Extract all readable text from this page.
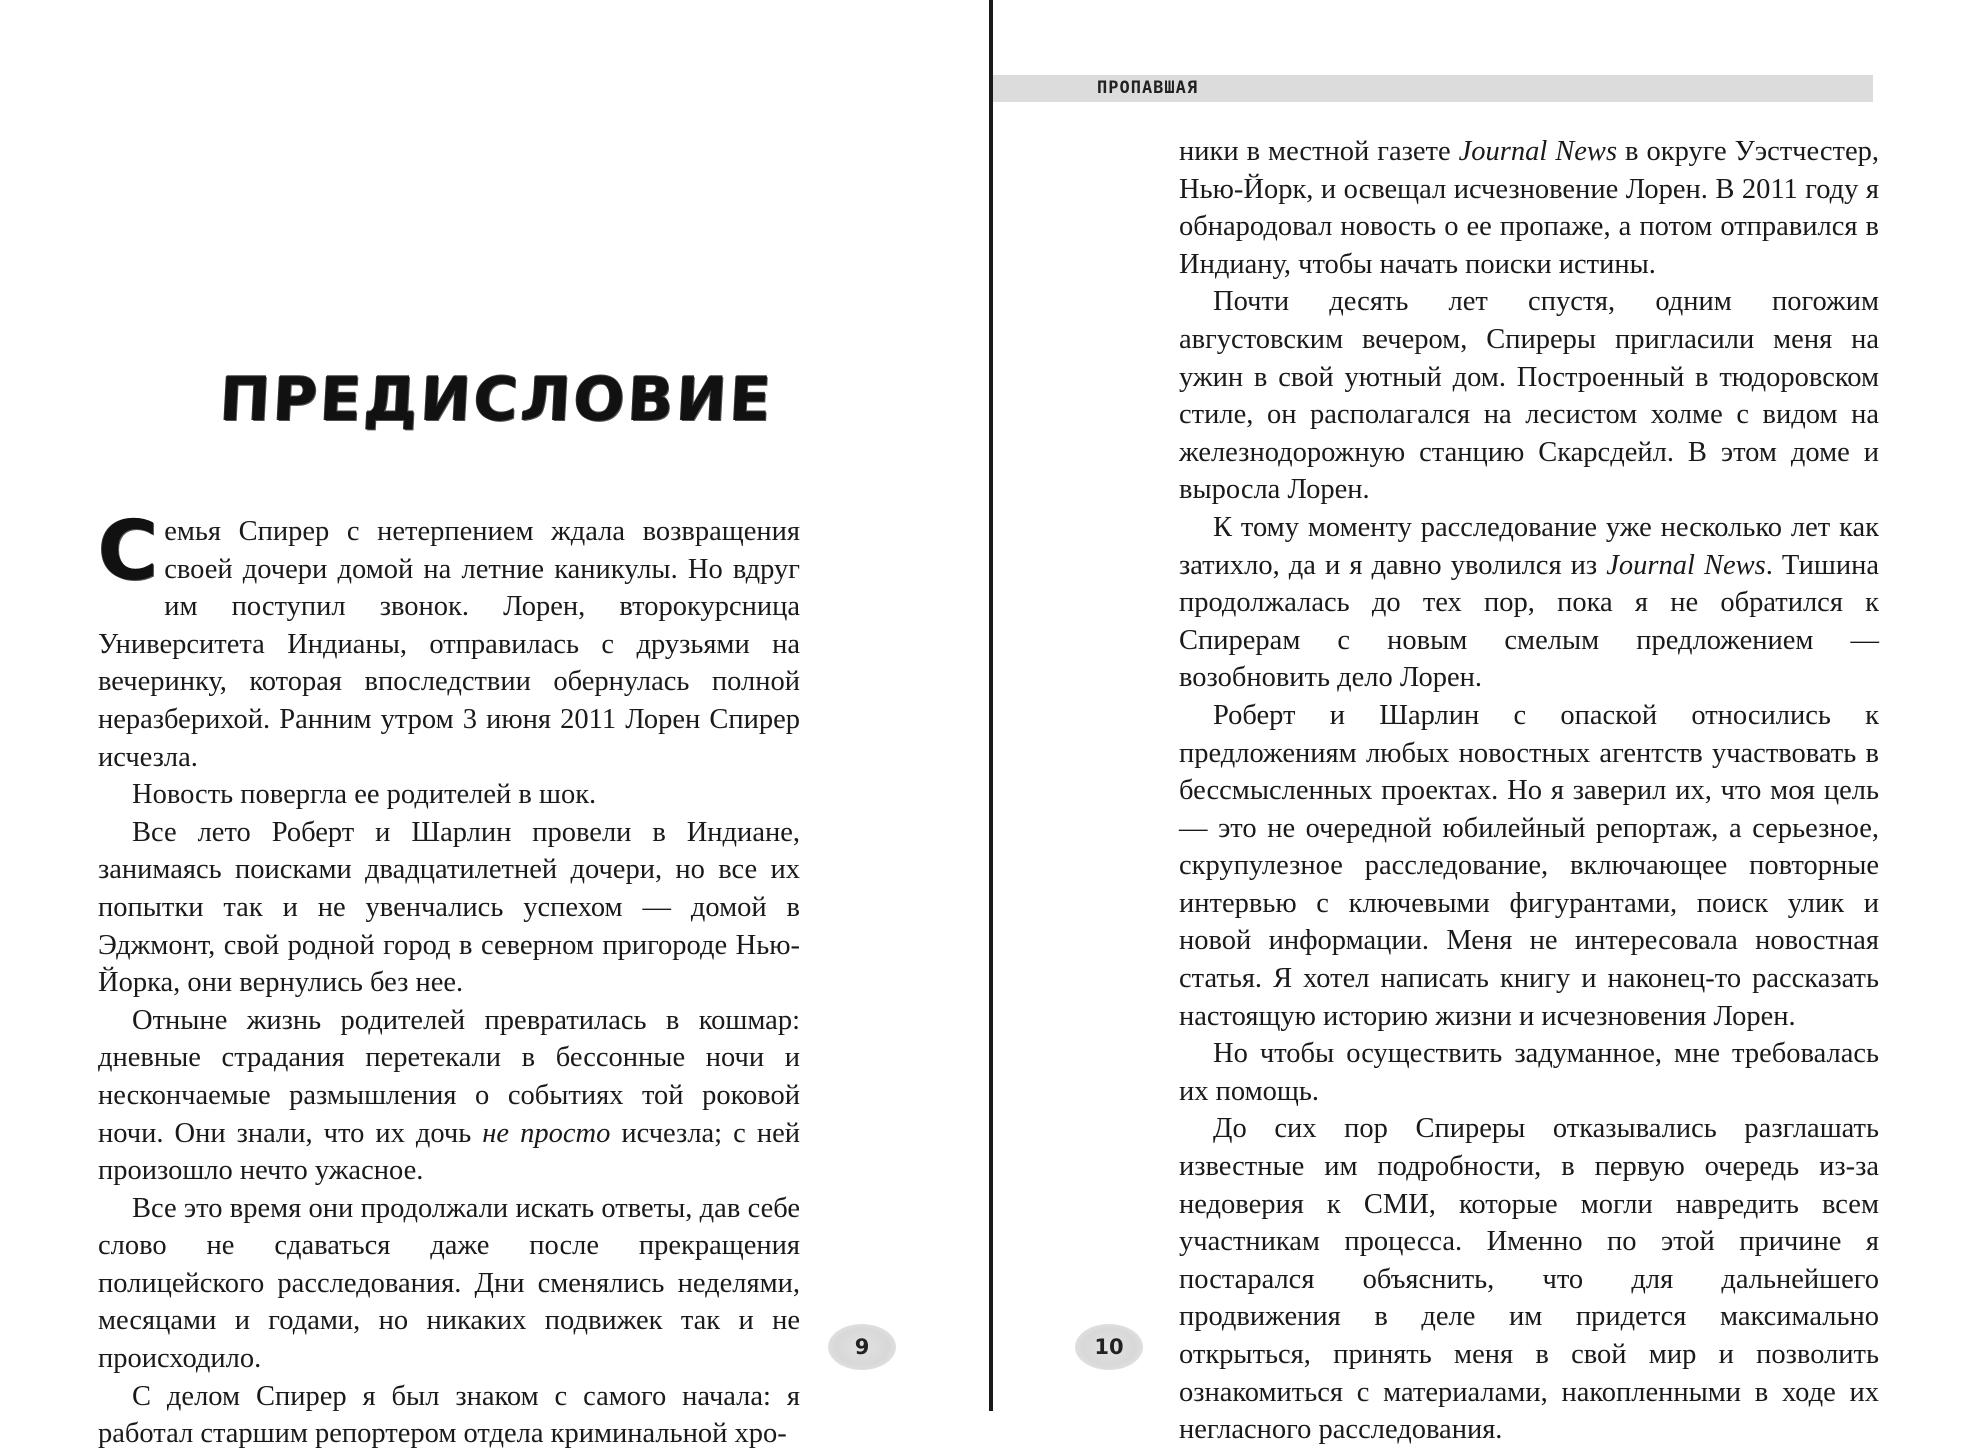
ПРЕДИСЛОВИЕ

Семья Спирер с нетерпением ждала возвращения своей дочери домой на летние каникулы. Но вдруг им поступил звонок. Лорен, второкурсница Университета Индианы, отправилась с друзьями на вечеринку, которая впоследствии обернулась полной неразберихой. Ранним утром 3 июня 2011 Лорен Спирер исчезла.

Новость повергла ее родителей в шок.

Все лето Роберт и Шарлин провели в Индиане, занимаясь поисками двадцатилетней дочери, но все их попытки так и не увенчались успехом — домой в Эджмонт, свой родной город в северном пригороде Нью-Йорка, они вернулись без нее.

Отныне жизнь родителей превратилась в кошмар: дневные страдания перетекали в бессонные ночи и нескончаемые размышления о событиях той роковой ночи. Они знали, что их дочь не просто исчезла; с ней произошло нечто ужасное.

Все это время они продолжали искать ответы, дав себе слово не сдаваться даже после прекращения полицейского расследования. Дни сменялись неделями, месяцами и годами, но никаких подвижек так и не происходило.

С делом Спирер я был знаком с самого начала: я работал старшим репортером отдела криминальной хро-

9
ПРОПАВШАЯ

ники в местной газете Journal News в округе Уэстчестер, Нью-Йорк, и освещал исчезновение Лорен. В 2011 году я обнародовал новость о ее пропаже, а потом отправился в Индиану, чтобы начать поиски истины.

Почти десять лет спустя, одним погожим августовским вечером, Спиреры пригласили меня на ужин в свой уютный дом. Построенный в тюдоровском стиле, он располагался на лесистом холме с видом на железнодорожную станцию Скарсдейл. В этом доме и выросла Лорен.

К тому моменту расследование уже несколько лет как затихло, да и я давно уволился из Journal News. Тишина продолжалась до тех пор, пока я не обратился к Спирерам с новым смелым предложением — возобновить дело Лорен.

Роберт и Шарлин с опаской относились к предложениям любых новостных агентств участвовать в бессмысленных проектах. Но я заверил их, что моя цель — это не очередной юбилейный репортаж, а серьезное, скрупулезное расследование, включающее повторные интервью с ключевыми фигурантами, поиск улик и новой информации. Меня не интересовала новостная статья. Я хотел написать книгу и наконец-то рассказать настоящую историю жизни и исчезновения Лорен.

Но чтобы осуществить задуманное, мне требовалась их помощь.

До сих пор Спиреры отказывались разглашать известные им подробности, в первую очередь из-за недоверия к СМИ, которые могли навредить всем участникам процесса. Именно по этой причине я постарался объяснить, что для дальнейшего продвижения в деле им придется максимально открыться, принять меня в свой мир и позволить ознакомиться с материалами, накопленными в ходе их негласного расследования.

10
